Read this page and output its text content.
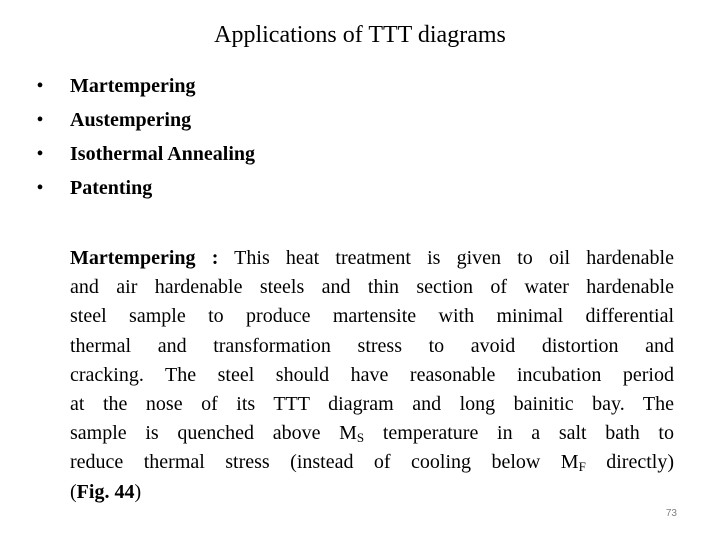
Applications of TTT diagrams
•	Martempering
•	Austempering
•	Isothermal Annealing
•	Patenting
Martempering : This heat treatment is given to oil hardenable
and air hardenable steels and thin section of water hardenable
steel sample to produce martensite with minimal differential
thermal and transformation stress to avoid distortion and
cracking. The steel should have reasonable incubation period
at the nose of its TTT diagram and long bainitic bay. The
sample is quenched above $M_S$ temperature in a salt bath to
reduce thermal stress (instead of cooling below $M_F$ directly)
(Fig. 44)
73
